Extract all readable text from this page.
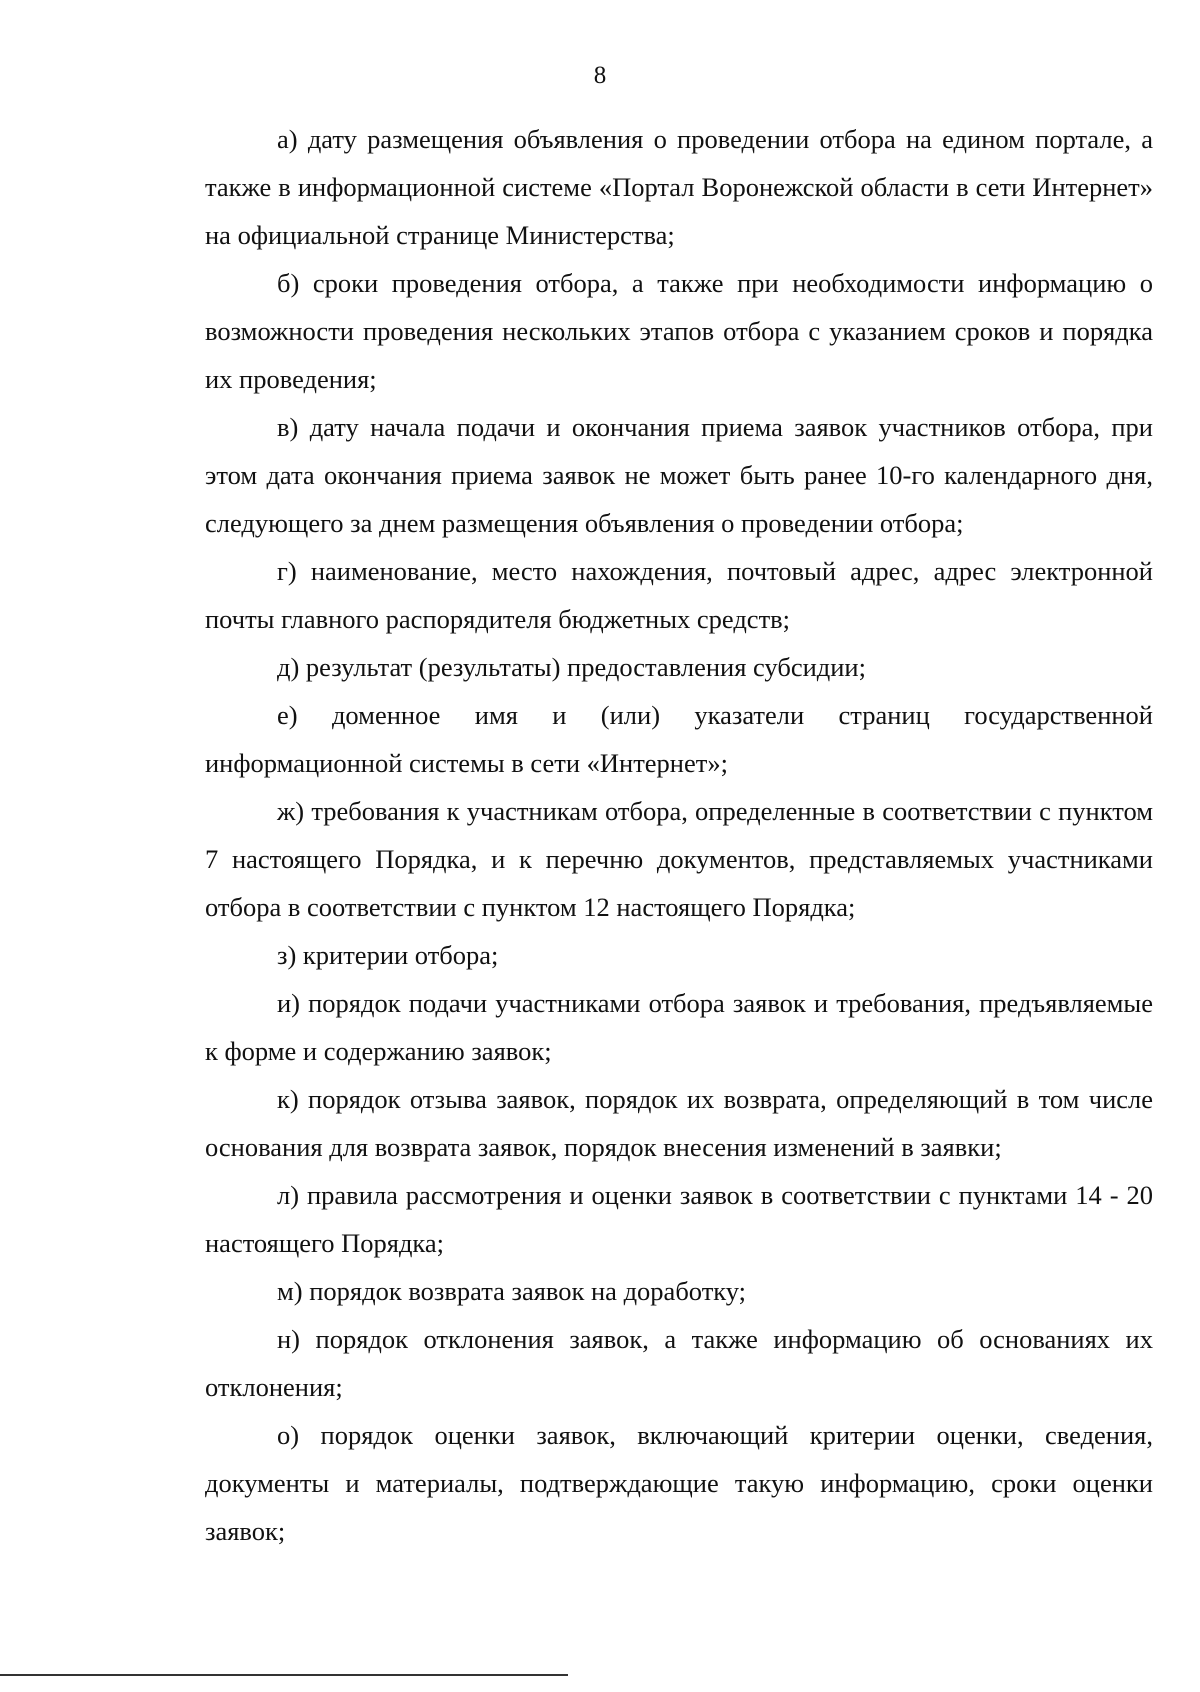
8

а) дату размещения объявления о проведении отбора на едином портале, а также в информационной системе «Портал Воронежской области в сети Интернет» на официальной странице Министерства;

б) сроки проведения отбора, а также при необходимости информацию о возможности проведения нескольких этапов отбора с указанием сроков и порядка их проведения;

в) дату начала подачи и окончания приема заявок участников отбора, при этом дата окончания приема заявок не может быть ранее 10-го календарного дня, следующего за днем размещения объявления о проведении отбора;

г) наименование, место нахождения, почтовый адрес, адрес электронной почты главного распорядителя бюджетных средств;

д) результат (результаты) предоставления субсидии;

е) доменное имя и (или) указатели страниц государственной информационной системы в сети «Интернет»;

ж) требования к участникам отбора, определенные в соответствии с пунктом 7 настоящего Порядка, и к перечню документов, представляемых участниками отбора в соответствии с пунктом 12 настоящего Порядка;

з) критерии отбора;

и) порядок подачи участниками отбора заявок и требования, предъявляемые к форме и содержанию заявок;

к) порядок отзыва заявок, порядок их возврата, определяющий в том числе основания для возврата заявок, порядок внесения изменений в заявки;

л) правила рассмотрения и оценки заявок в соответствии с пунктами 14 - 20 настоящего Порядка;

м) порядок возврата заявок на доработку;

н) порядок отклонения заявок, а также информацию об основаниях их отклонения;

о) порядок оценки заявок, включающий критерии оценки, сведения, документы и материалы, подтверждающие такую информацию, сроки оценки заявок;
